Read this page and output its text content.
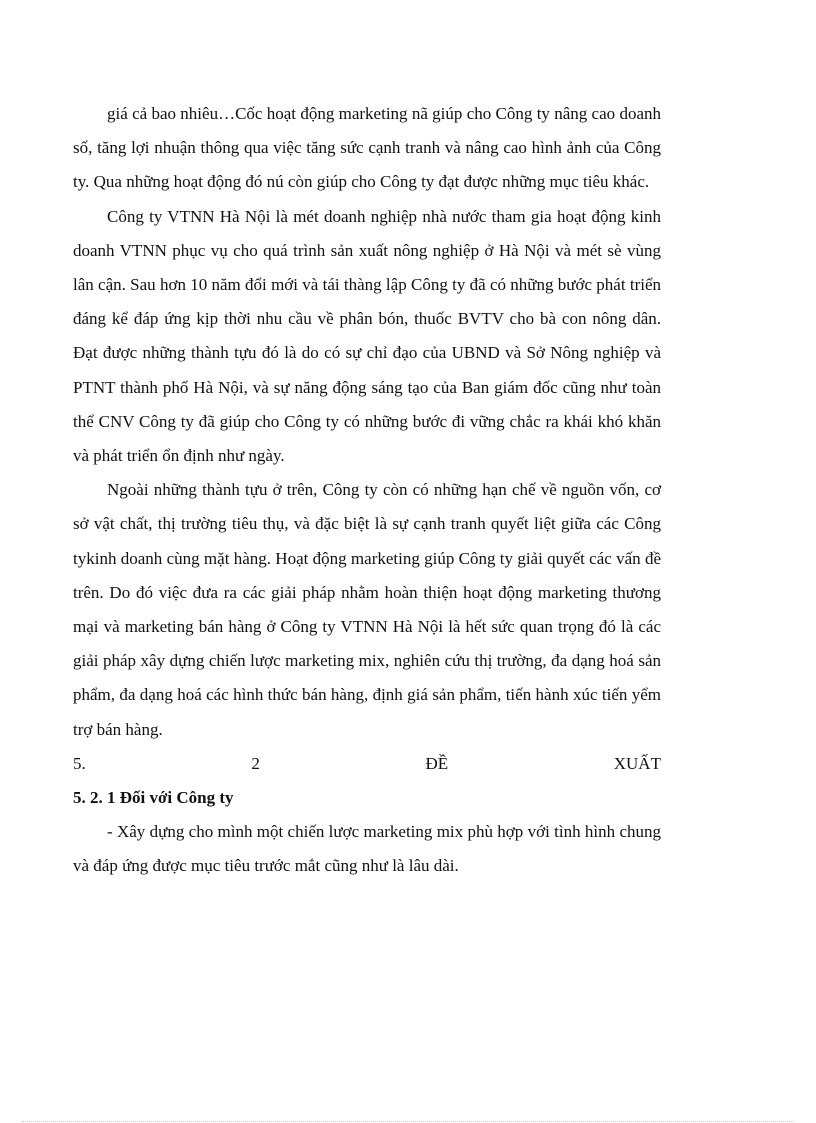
giá cả bao nhiêu…Cốc hoạt động marketing nã giúp cho Công ty nâng cao doanh số, tăng lợi nhuận thông qua việc tăng sức cạnh tranh và nâng cao hình ảnh của Công ty. Qua những hoạt động đó nú còn giúp cho Công ty đạt được những mục tiêu khác.

Công ty VTNN Hà Nội là mét doanh nghiệp nhà nước tham gia hoạt động kinh doanh VTNN phục vụ cho quá trình sản xuất nông nghiệp ở Hà Nội và mét sè vùng lân cận. Sau hơn 10 năm đổi mới và tái thàng lập Công ty đã có những bước phát triển đáng kể đáp ứng kịp thời nhu cầu về phân bón, thuốc BVTV cho bà con nông dân. Đạt được những thành tựu đó là do có sự chỉ đạo của UBND và Sở Nông nghiệp và PTNT thành phố Hà Nội, và sự năng động sáng tạo của Ban giám đốc cũng như toàn thể CNV Công ty đã giúp cho Công ty có những bước đi vững chắc ra khái khó khăn và phát triển ổn định như ngày.

Ngoài những thành tựu ở trên, Công ty còn có những hạn chế về nguồn vốn, cơ sở vật chất, thị trường tiêu thụ, và đặc biệt là sự cạnh tranh quyết liệt giữa các Công tykinh doanh cùng mặt hàng. Hoạt động marketing giúp Công ty giải quyết các vấn đề trên. Do đó việc đưa ra các giải pháp nhằm hoàn thiện hoạt động marketing thương mại và marketing bán hàng ở Công ty VTNN Hà Nội là hết sức quan trọng đó là các giải pháp xây dựng chiến lược marketing mix, nghiên cứu thị trường, đa dạng hoá sản phẩm, đa dạng hoá các hình thức bán hàng, định giá sản phẩm, tiến hành xúc tiến yểm trợ bán hàng.

5.	2	ĐỀ	XUẤT

5. 2. 1 Đối với Công ty

- Xây dựng cho mình một chiến lược marketing mix phù hợp với tình hình chung và đáp ứng được mục tiêu trước mắt cũng như là lâu dài.
